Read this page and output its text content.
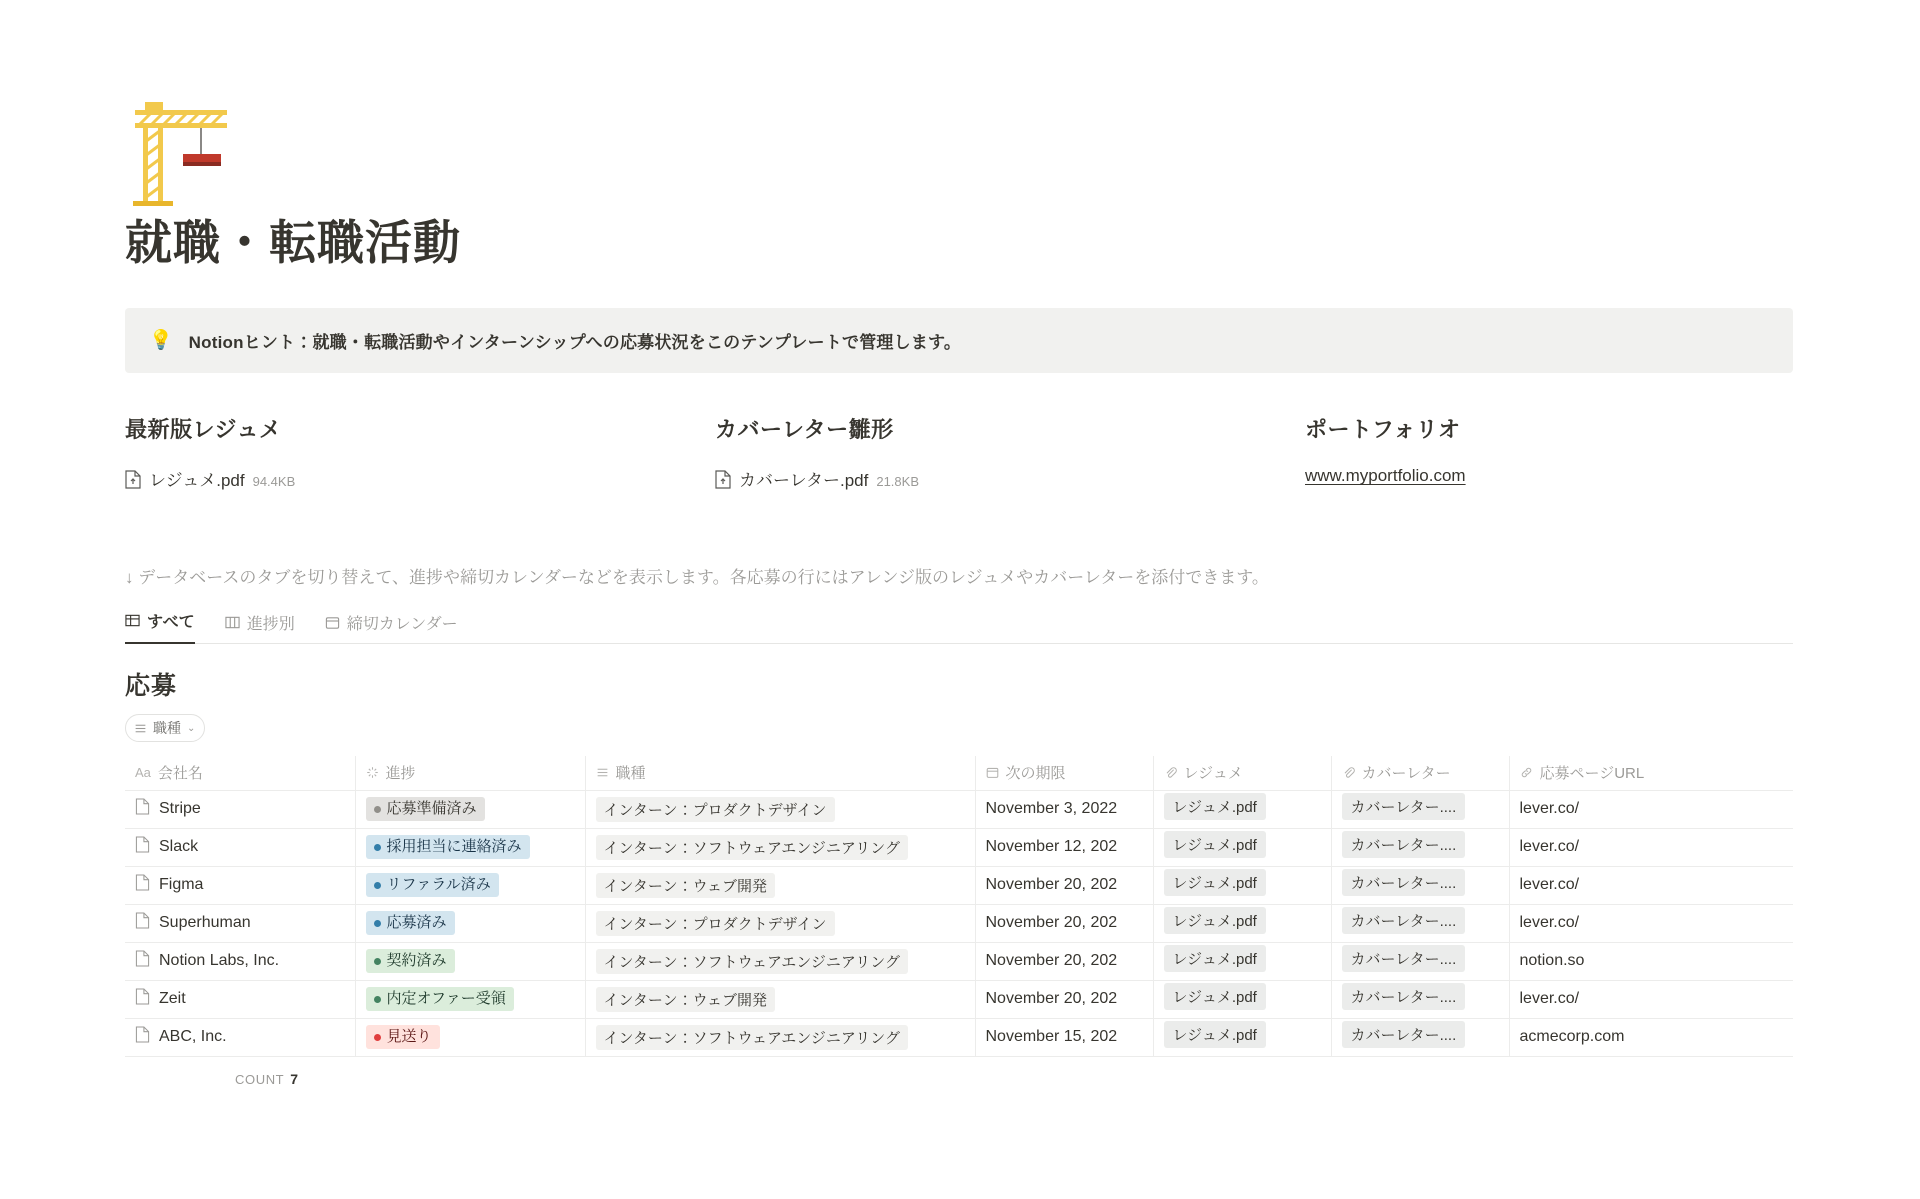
就職・転職活動
💡 Notionヒント：就職・転職活動やインターンシップへの応募状況をこのテンプレートで管理します。
最新版レジュメ
レジュメ.pdf 94.4KB
カバーレター雛形
カバーレター.pdf 21.8KB
ポートフォリオ
www.myportfolio.com
↓ データベースのタブを切り替えて、進捗や締切カレンダーなどを表示します。各応募の行にはアレンジ版のレジュメやカバーレターを添付できます。
すべて	進捗別	締切カレンダー
応募
職種 ⌄
Aa 会社名	進捗	職種	次の期限	レジュメ	カバーレター	応募ページURL

Stripe	応募準備済み	インターン：プロダクトデザイン	November 3, 2022	レジュメ.pdf	カバーレター....	lever.co/

Slack	採用担当に連絡済み	インターン：ソフトウェアエンジニアリング	November 12, 202	レジュメ.pdf	カバーレター....	lever.co/

Figma	リファラル済み	インターン：ウェブ開発	November 20, 202	レジュメ.pdf	カバーレター....	lever.co/

Superhuman	応募済み	インターン：プロダクトデザイン	November 20, 202	レジュメ.pdf	カバーレター....	lever.co/

Notion Labs, Inc.	契約済み	インターン：ソフトウェアエンジニアリング	November 20, 202	レジュメ.pdf	カバーレター....	notion.so

Zeit	内定オファー受領	インターン：ウェブ開発	November 20, 202	レジュメ.pdf	カバーレター....	lever.co/

ABC, Inc.	見送り	インターン：ソフトウェアエンジニアリング	November 15, 202	レジュメ.pdf	カバーレター....	acmecorp.com
COUNT 7
